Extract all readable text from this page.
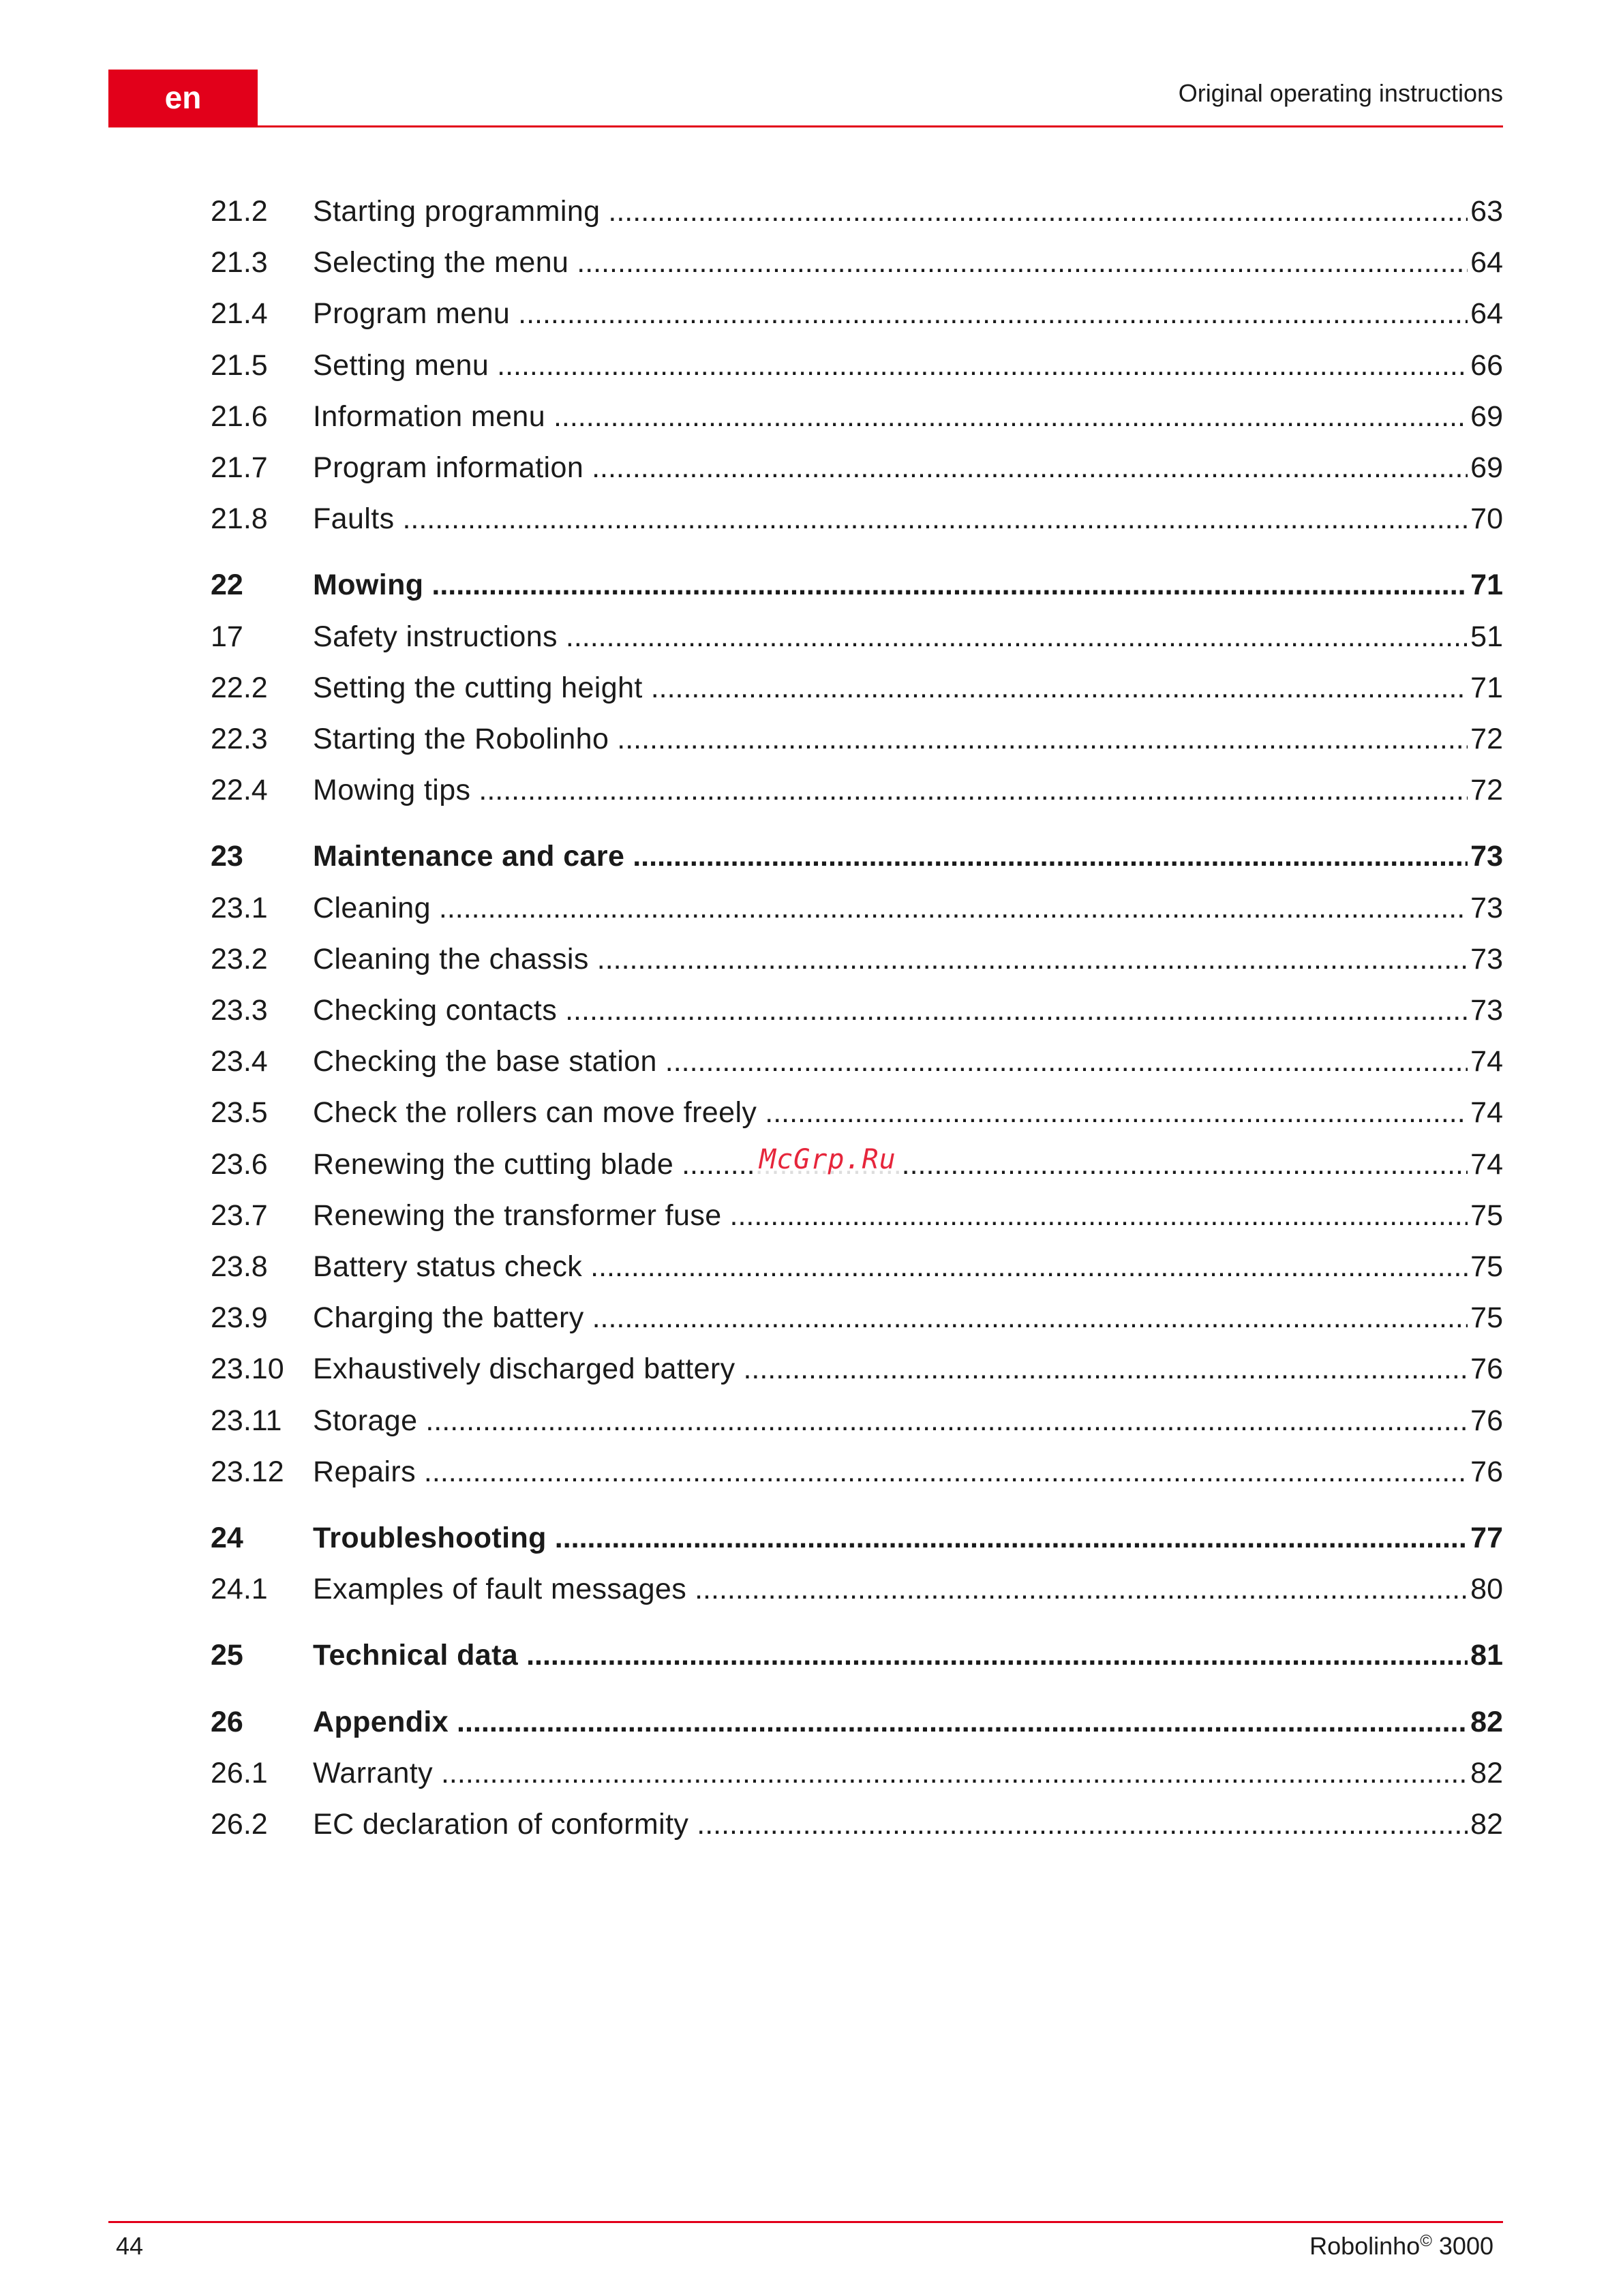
en	Original operating instructions
21.2	Starting programming .....	63
21.3	Selecting the menu .....	64
21.4	Program menu .....	64
21.5	Setting menu .....	66
21.6	Information menu .....	69
21.7	Program information .....	69
21.8	Faults .....	70
22	Mowing .....	71
17	Safety instructions .....	51
22.2	Setting the cutting height .....	71
22.3	Starting the Robolinho .....	72
22.4	Mowing tips .....	72
23	Maintenance and care .....	73
23.1	Cleaning .....	73
23.2	Cleaning the chassis .....	73
23.3	Checking contacts .....	73
23.4	Checking the base station .....	74
23.5	Check the rollers can move freely .....	74
23.6	Renewing the cutting blade .....	74
23.7	Renewing the transformer fuse .....	75
23.8	Battery status check .....	75
23.9	Charging the battery .....	75
23.10 Exhaustively discharged battery .....	76
23.11	Storage .....	76
23.12 Repairs .....	76
24	Troubleshooting .....	77
24.1	Examples of fault messages .....	80
25	Technical data .....	81
26	Appendix .....	82
26.1	Warranty .....	82
26.2	EC declaration of conformity .....	82
McGrp.Ru
44	Robolinho© 3000
